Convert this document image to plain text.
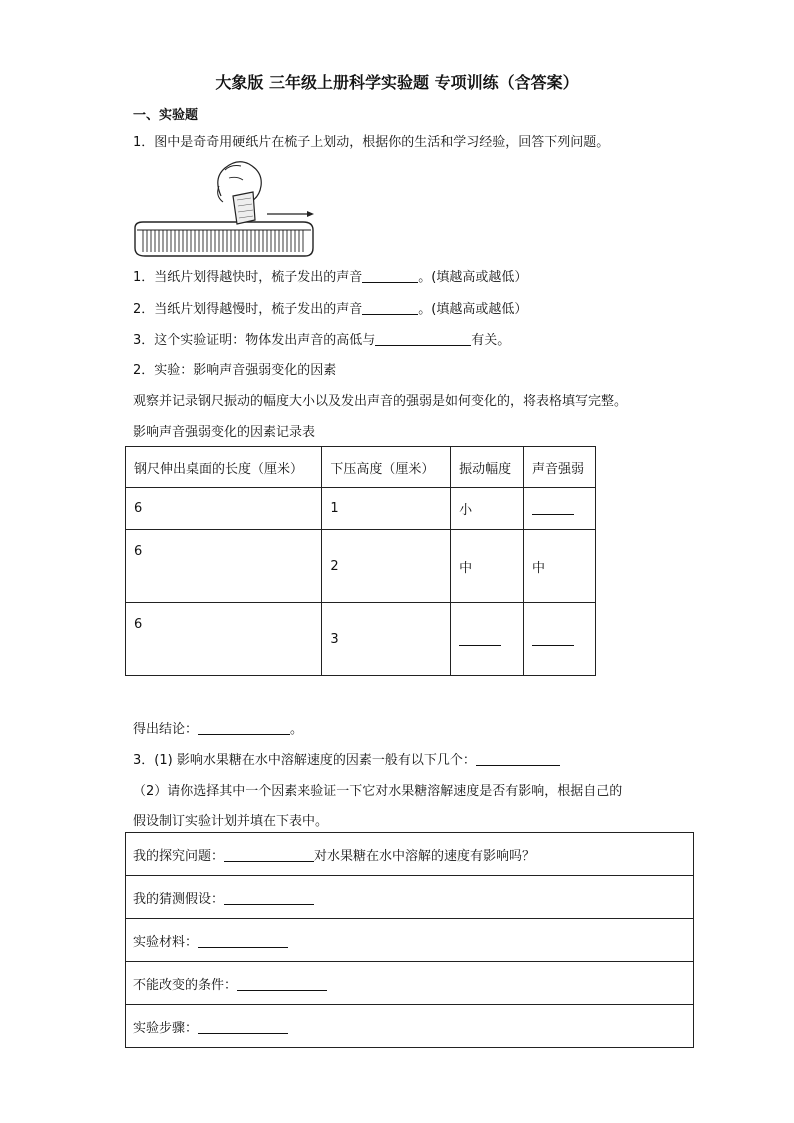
大象版 三年级上册科学实验题 专项训练（含答案）
一、实验题
1．图中是奇奇用硬纸片在梳子上划动，根据你的生活和学习经验，回答下列问题。
1．当纸片划得越快时，梳子发出的声音	。(填越高或越低）
2．当纸片划得越慢时，梳子发出的声音	。(填越高或越低）
3．这个实验证明：物体发出声音的高低与	有关。
2．实验：影响声音强弱变化的因素
观察并记录钢尺振动的幅度大小以及发出声音的强弱是如何变化的，将表格填写完整。
影响声音强弱变化的因素记录表
钢尺伸出桌面的长度（厘米）	下压高度（厘米）	振动幅度	声音强弱
6	1	小	
6	2	中	中
6	3		
得出结论：	。
3．(1) 影响水果糖在水中溶解速度的因素一般有以下几个：
（2）请你选择其中一个因素来验证一下它对水果糖溶解速度是否有影响，根据自己的
假设制订实验计划并填在下表中。
我的探究问题：	对水果糖在水中溶解的速度有影响吗？
我的猜测假设：
实验材料：
不能改变的条件：
实验步骤：
